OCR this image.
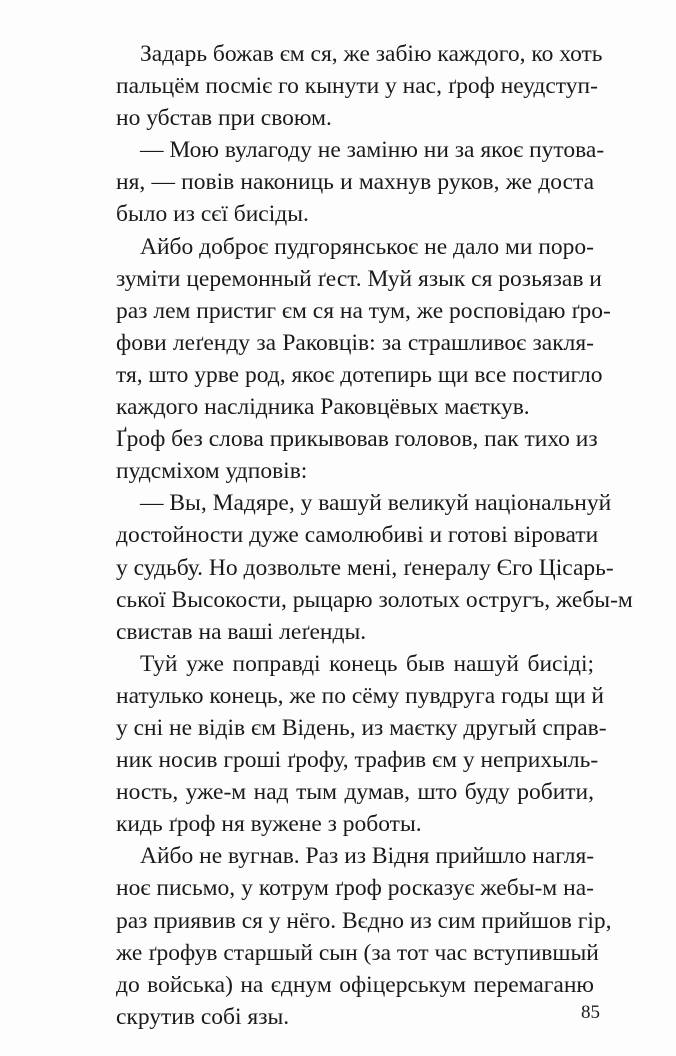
Задарь божав єм ся, же забію каждого, ко хоть
пальцём посміє го кынути у нас, ґроф неудступ-
но убстав при своюм.
— Мою вулагоду не заміню ни за якоє путова-
ня, — повів накониць и махнув руков, же доста
было из сєї бисіды.
Айбо доброє пудгорянськоє не дало ми поро-
зуміти церемонный ґест. Муй язык ся розьязав и
раз лем пристиг єм ся на тум, же росповідаю ґро-
фови леґенду за Раковців: за страшливоє закля-
тя, што урве род, якоє дотепирь щи все постигло
каждого наслідника Раковцёвых маєткув.
Ґроф без слова прикывовав головов, пак тихо из
пудсміхом удповів:
— Вы, Мадяре, у вашуй великуй національнуй
достойности дуже самолюбиві и готові віровати
у судьбу. Но дозвольте мені, ґенералу Єго Цісарь-
ської Высокости, рыцарю золотых остругъ, жебы-м
свистав на ваші леґенды.
Туй уже поправді конець быв нашуй бисіді;
натулько конець, же по сёму пувдруга годы щи й
у сні не відів єм Відень, из маєтку другый справ-
ник носив гроші ґрофу, трафив єм у неприхыль-
ность, уже-м над тым думав, што буду робити,
кидь ґроф ня вужене з роботы.
Айбо не вугнав. Раз из Відня прийшло нагля-
ноє письмо, у котрум ґроф росказує жебы-м на-
раз приявив ся у нёго. Вєдно из сим прийшов гір,
же ґрофув старшый сын (за тот час вступившый
до войська) на єднум офіцерськум перемаганю
скрутив собі язы.	85
